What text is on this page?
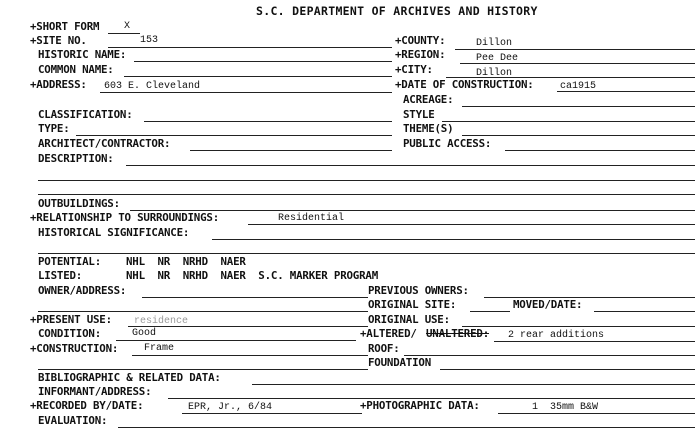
S.C. DEPARTMENT OF ARCHIVES AND HISTORY
+SHORT FORM X
+SITE NO.	153	+COUNTY:	Dillon
HISTORIC NAME:	+REGION:	Pee Dee
COMMON NAME:	+CITY:	Dillon
+ADDRESS: 603 E. Cleveland	+DATE OF CONSTRUCTION:	ca1915
ACREAGE:
CLASSIFICATION:	STYLE
TYPE:	THEME(S)
ARCHITECT/CONTRACTOR:	PUBLIC ACCESS:
DESCRIPTION:
OUTBUILDINGS:
+RELATIONSHIP TO SURROUNDINGS:	Residential
HISTORICAL SIGNIFICANCE:
POTENTIAL: NHL  NR  NRHD  NAER
LISTED:	NHL  NR  NRHD  NAER  S.C. MARKER PROGRAM
OWNER/ADDRESS:	PREVIOUS OWNERS:
ORIGINAL SITE:	MOVED/DATE:
+PRESENT USE: residence	ORIGINAL USE:
CONDITION:	Good	+ALTERED/ UNALTERED: 2 rear additions
+CONSTRUCTION:	Frame	ROOF:
FOUNDATION
BIBLIOGRAPHIC & RELATED DATA:
INFORMANT/ADDRESS:
+RECORDED BY/DATE:	EPR, Jr., 6/84	+PHOTOGRAPHIC DATA:	1  35mm B&W
EVALUATION:
